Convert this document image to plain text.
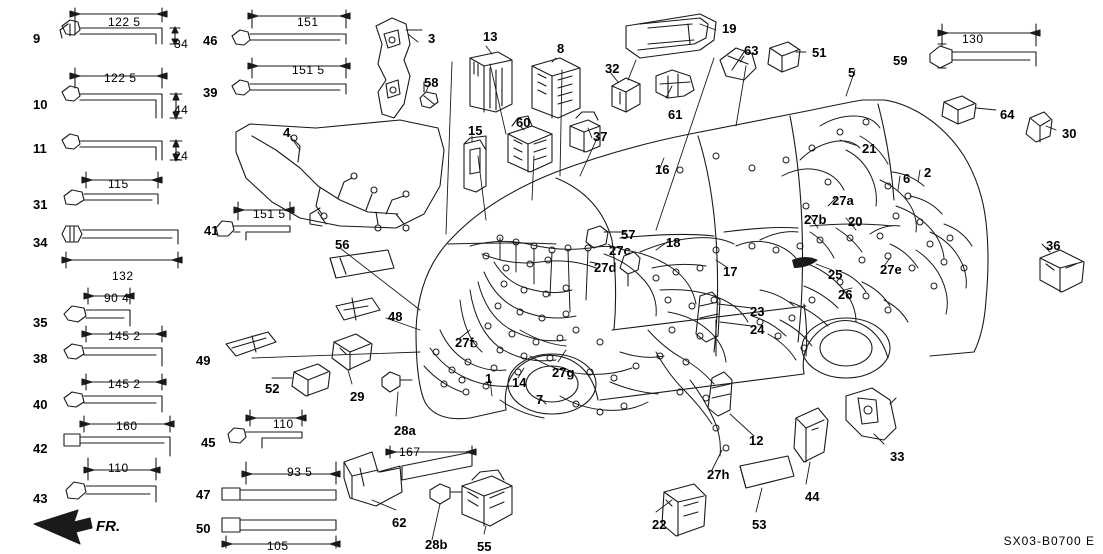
9	46	3	13
8
19
63	51
59
32	5
10
39
58
61	64
30
11
4
60
37
21
15
16	2
6
31	27a
27b 20
34
41	57
18	36
56	27c
27d	17	27e
25
26
35	48	23
24
38	49
27f
27g
14
40
52
29
1
7
42	45
28a
12
33
43	47
27h
44
50	62
28b 55
22	53
122 5	151
34	130
122 5
151 5
44
24
115
151 5
132
90 4
145 2
145 2
160	110
110
167
93 5
105
FR.
SX03-B0700 E
